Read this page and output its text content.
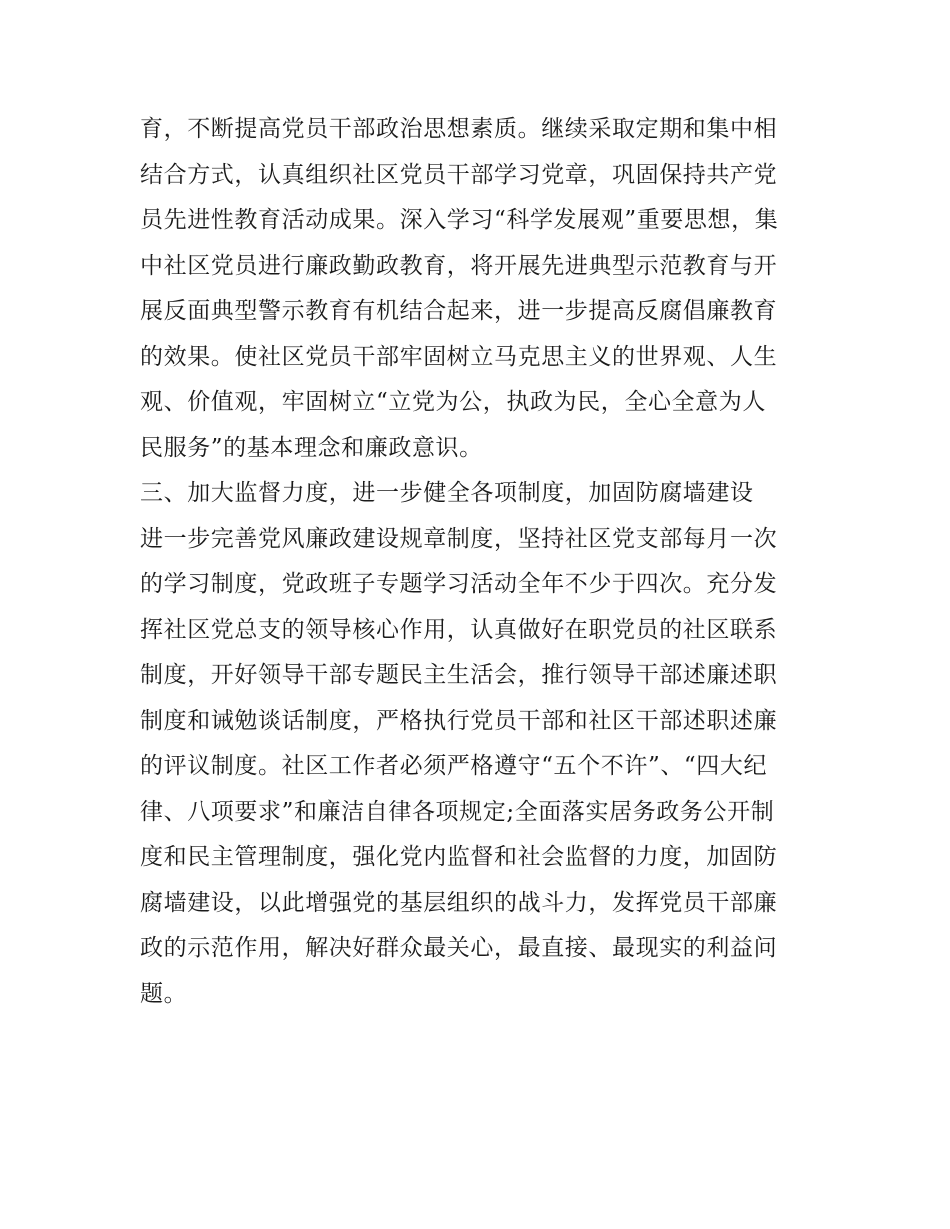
育，不断提高党员干部政治思想素质。继续采取定期和集中相
结合方式，认真组织社区党员干部学习党章，巩固保持共产党
员先进性教育活动成果。深入学习“科学发展观”重要思想，集
中社区党员进行廉政勤政教育，将开展先进典型示范教育与开
展反面典型警示教育有机结合起来，进一步提高反腐倡廉教育
的效果。使社区党员干部牢固树立马克思主义的世界观、人生
观、价值观，牢固树立“立党为公，执政为民，全心全意为人
民服务”的基本理念和廉政意识。
三、加大监督力度，进一步健全各项制度，加固防腐墙建设
进一步完善党风廉政建设规章制度，坚持社区党支部每月一次
的学习制度，党政班子专题学习活动全年不少于四次。充分发
挥社区党总支的领导核心作用，认真做好在职党员的社区联系
制度，开好领导干部专题民主生活会，推行领导干部述廉述职
制度和诫勉谈话制度，严格执行党员干部和社区干部述职述廉
的评议制度。社区工作者必须严格遵守“五个不许”、“四大纪
律、八项要求”和廉洁自律各项规定;全面落实居务政务公开制
度和民主管理制度，强化党内监督和社会监督的力度，加固防
腐墙建设，以此增强党的基层组织的战斗力，发挥党员干部廉
政的示范作用，解决好群众最关心，最直接、最现实的利益问
题。
